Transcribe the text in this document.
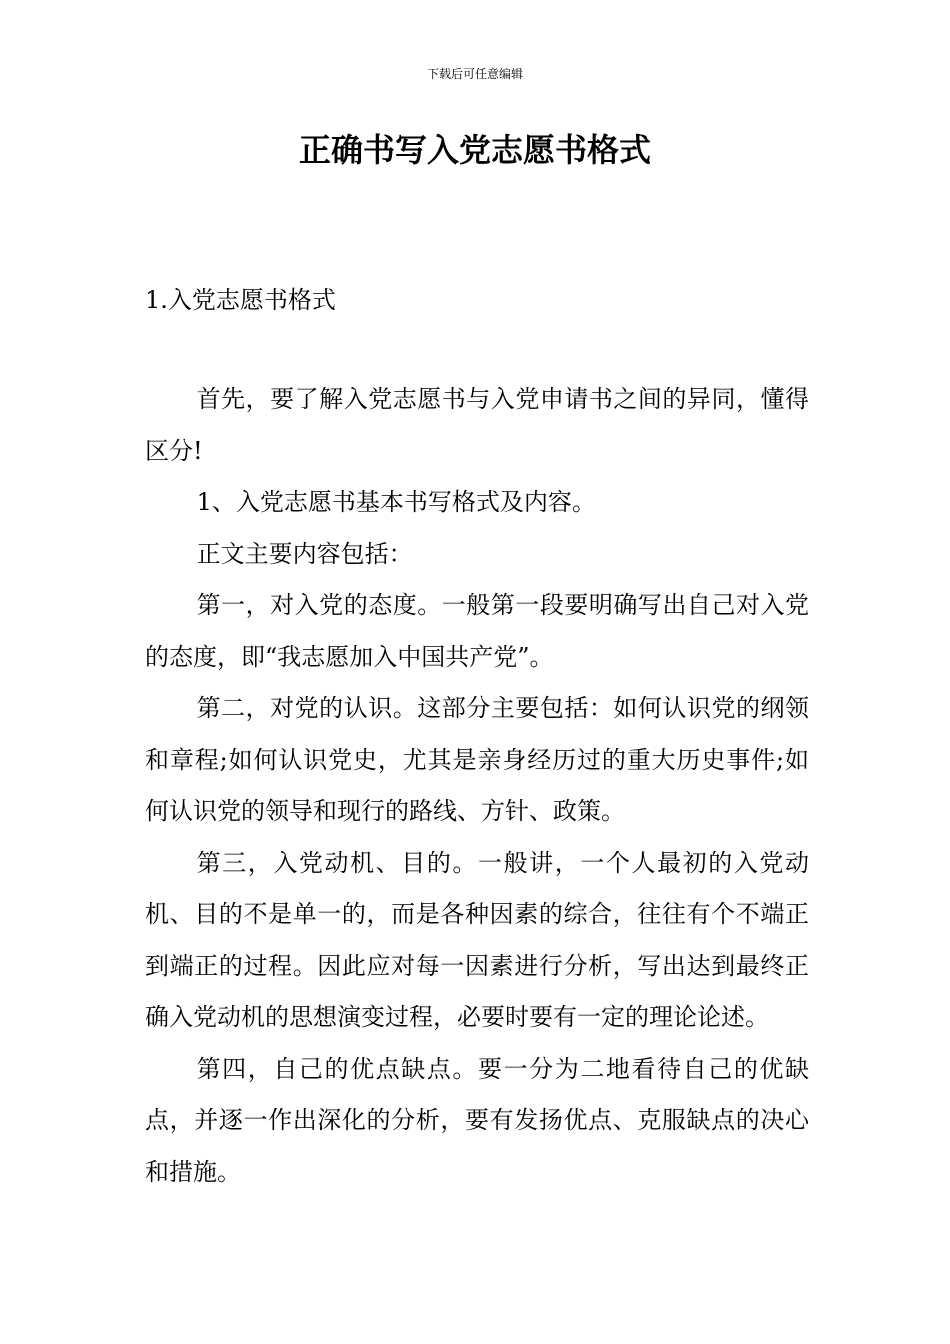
下载后可任意编辑
正确书写入党志愿书格式

1.入党志愿书格式

首先，要了解入党志愿书与入党申请书之间的异同，懂得区分!

1、入党志愿书基本书写格式及内容。

正文主要内容包括：

第一，对入党的态度。一般第一段要明确写出自己对入党的态度，即“我志愿加入中国共产党”。

第二，对党的认识。这部分主要包括：如何认识党的纲领和章程;如何认识党史，尤其是亲身经历过的重大历史事件;如何认识党的领导和现行的路线、方针、政策。

第三，入党动机、目的。一般讲，一个人最初的入党动机、目的不是单一的，而是各种因素的综合，往往有个不端正到端正的过程。因此应对每一因素进行分析，写出达到最终正确入党动机的思想演变过程，必要时要有一定的理论论述。

第四，自己的优点缺点。要一分为二地看待自己的优缺点，并逐一作出深化的分析，要有发扬优点、克服缺点的决心和措施。
